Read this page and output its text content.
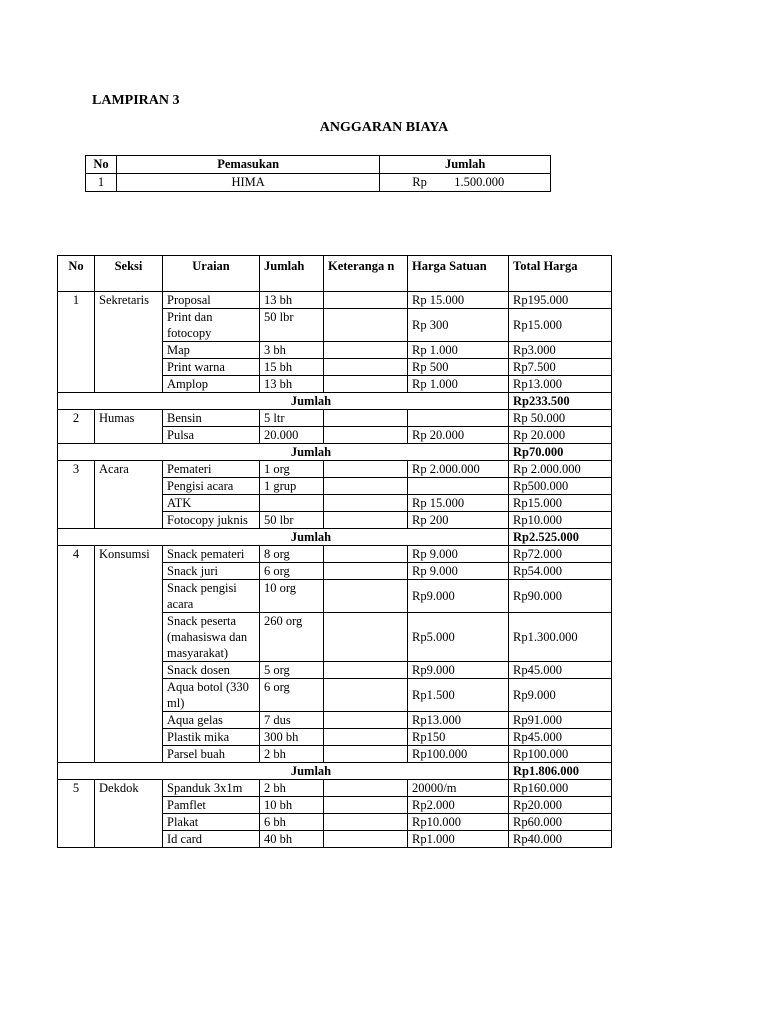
LAMPIRAN 3
ANGGARAN BIAYA
No	Pemasukan	Jumlah
1	HIMA	Rp 1.500.000
No	Seksi	Uraian	Jumlah	Keteranga n	Harga Satuan	Total Harga
1	Sekretaris	Proposal	13 bh		Rp 15.000	Rp195.000
		Print dan fotocopy	50 lbr		Rp 300	Rp15.000
		Map	3 bh		Rp 1.000	Rp3.000
		Print warna	15 bh		Rp 500	Rp7.500
		Amplop	13 bh		Rp 1.000	Rp13.000
Jumlah						Rp233.500
2	Humas	Bensin	5 ltr			Rp 50.000
		Pulsa	20.000		Rp 20.000	Rp 20.000
Jumlah						Rp70.000
3	Acara	Pemateri	1 org		Rp 2.000.000	Rp 2.000.000
		Pengisi acara	1 grup			Rp500.000
		ATK			Rp 15.000	Rp15.000
		Fotocopy juknis	50 lbr		Rp 200	Rp10.000
Jumlah						Rp2.525.000
4	Konsumsi	Snack pemateri	8 org		Rp 9.000	Rp72.000
		Snack juri	6 org		Rp 9.000	Rp54.000
		Snack pengisi acara	10 org		Rp9.000	Rp90.000
		Snack peserta (mahasiswa dan masyarakat)	260 org		Rp5.000	Rp1.300.000
		Snack dosen	5 org		Rp9.000	Rp45.000
		Aqua botol (330 ml)	6 org		Rp1.500	Rp9.000
		Aqua gelas	7 dus		Rp13.000	Rp91.000
		Plastik mika	300 bh		Rp150	Rp45.000
		Parsel buah	2 bh		Rp100.000	Rp100.000
Jumlah						Rp1.806.000
5	Dekdok	Spanduk 3x1m	2 bh		20000/m	Rp160.000
		Pamflet	10 bh		Rp2.000	Rp20.000
		Plakat	6 bh		Rp10.000	Rp60.000
		Id card	40 bh		Rp1.000	Rp40.000
